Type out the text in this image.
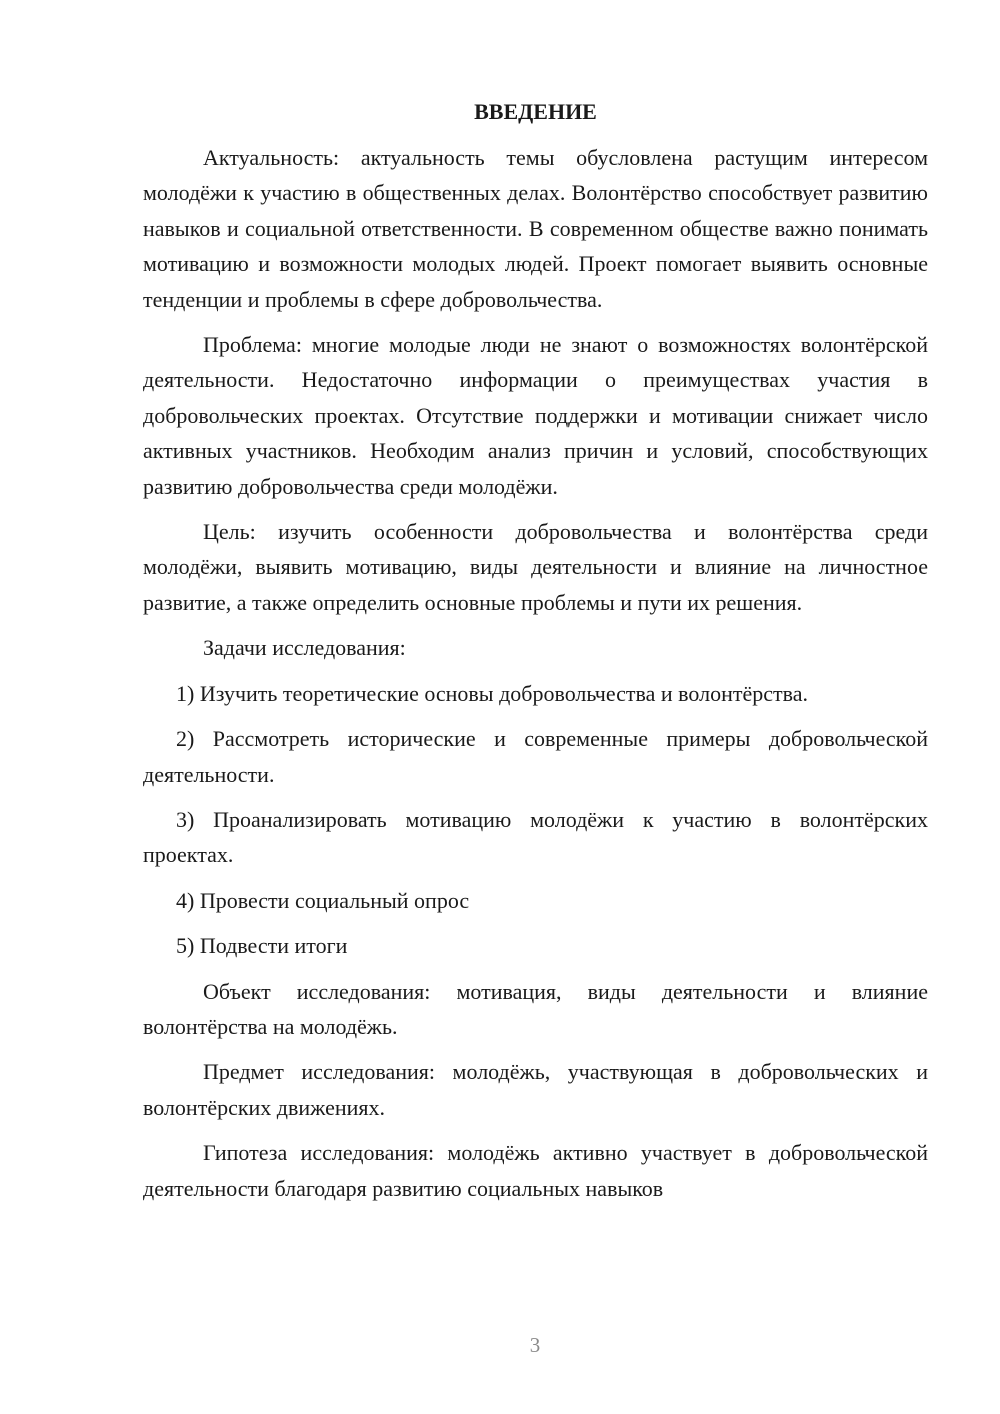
ВВЕДЕНИЕ
Актуальность: актуальность темы обусловлена растущим интересом молодёжи к участию в общественных делах. Волонтёрство способствует развитию навыков и социальной ответственности. В современном обществе важно понимать мотивацию и возможности молодых людей. Проект помогает выявить основные тенденции и проблемы в сфере добровольчества.
Проблема: многие молодые люди не знают о возможностях волонтёрской деятельности. Недостаточно информации о преимуществах участия в добровольческих проектах. Отсутствие поддержки и мотивации снижает число активных участников. Необходим анализ причин и условий, способствующих развитию добровольчества среди молодёжи.
Цель: изучить особенности добровольчества и волонтёрства среди молодёжи, выявить мотивацию, виды деятельности и влияние на личностное развитие, а также определить основные проблемы и пути их решения.
Задачи исследования:
1) Изучить теоретические основы добровольчества и волонтёрства.
2) Рассмотреть исторические и современные примеры добровольческой деятельности.
3) Проанализировать мотивацию молодёжи к участию в волонтёрских проектах.
4) Провести социальный опрос
5) Подвести итоги
Объект исследования: мотивация, виды деятельности и влияние волонтёрства на молодёжь.
Предмет исследования: молодёжь, участвующая в добровольческих и волонтёрских движениях.
Гипотеза исследования: молодёжь активно участвует в добровольческой деятельности благодаря развитию социальных навыков
3
